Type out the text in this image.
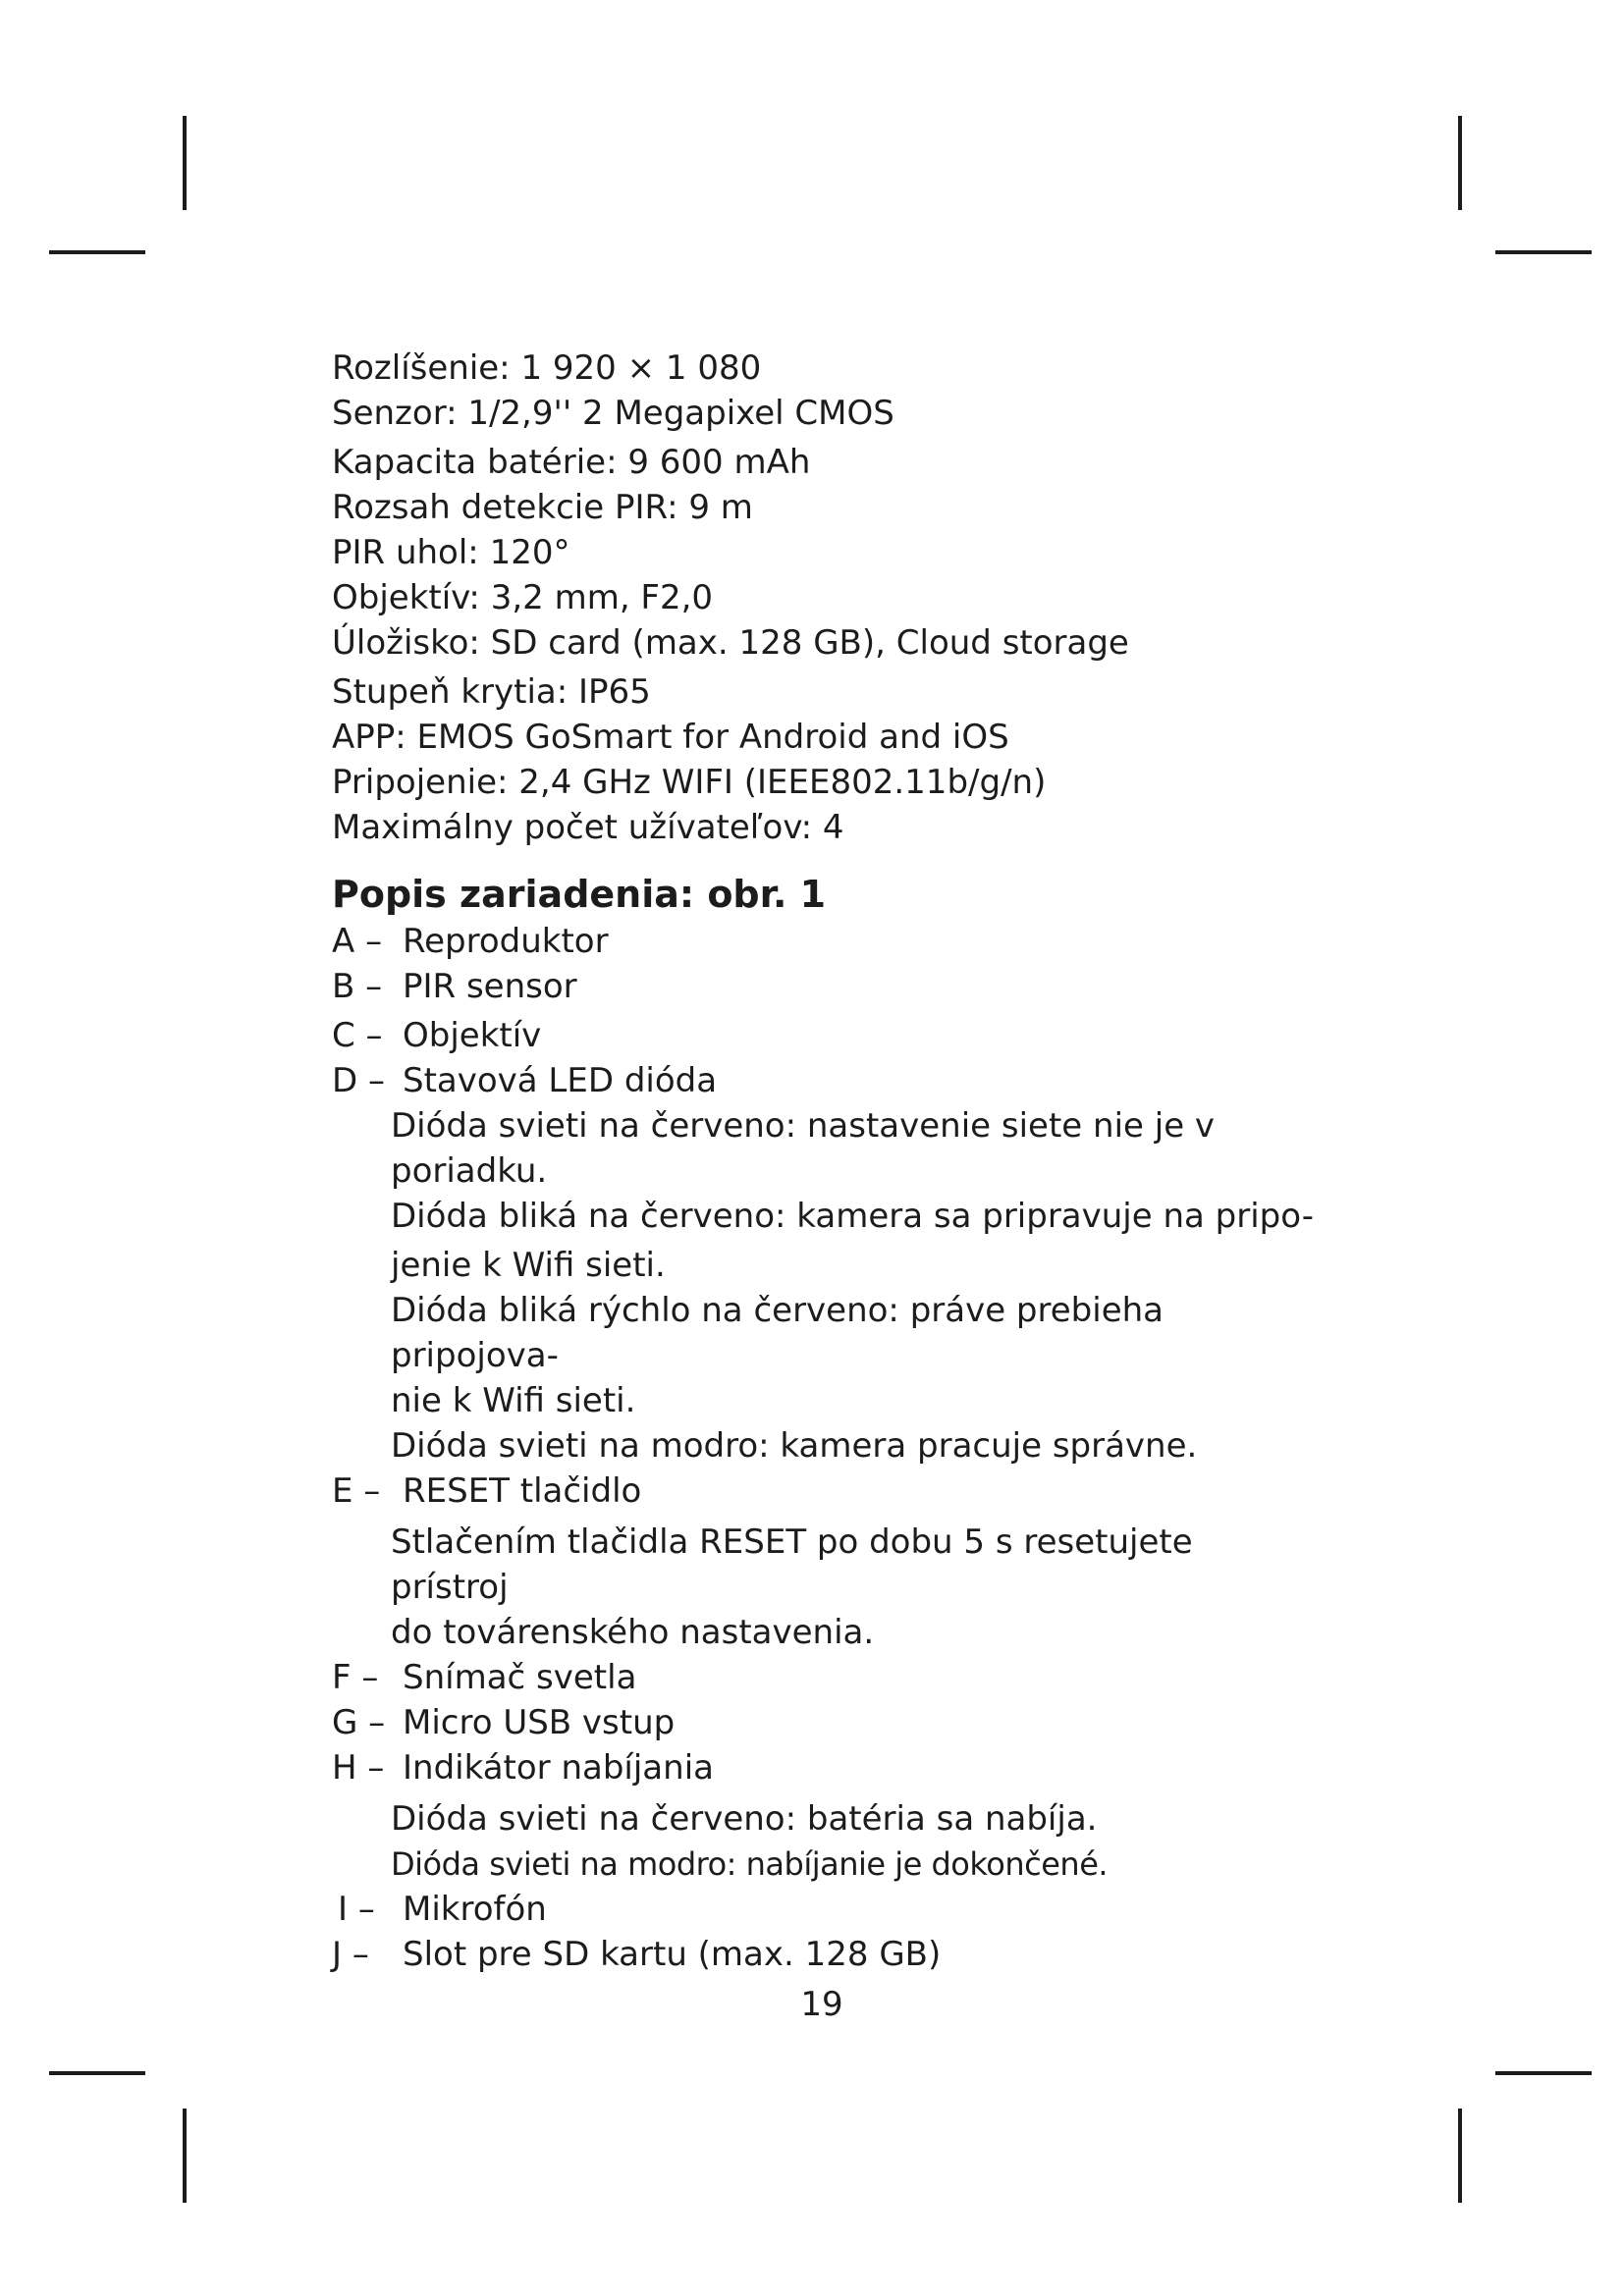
Rozlíšenie: 1 920 × 1 080

Senzor: 1/2,9'' 2 Megapixel CMOS

Kapacita batérie: 9 600 mAh

Rozsah detekcie PIR: 9 m

PIR uhol: 120°

Objektív: 3,2 mm, F2,0

Úložisko: SD card (max. 128 GB), Cloud storage

Stupeň krytia: IP65

APP: EMOS GoSmart for Android and iOS

Pripojenie: 2,4 GHz WIFI (IEEE802.11b/g/n)

Maximálny počet užívateľov: 4

Popis zariadenia: obr. 1

A – Reproduktor

B – PIR sensor

C – Objektív

D – Stavová LED dióda

Dióda svieti na červeno: nastavenie siete nie je v

poriadku.

Dióda bliká na červeno: kamera sa pripravuje na pripo-

jenie k Wifi sieti.

Dióda bliká rýchlo na červeno: práve prebieha pripojova-

nie k Wifi sieti.

Dióda svieti na modro: kamera pracuje správne.

E – RESET tlačidlo

Stlačením tlačidla RESET po dobu 5 s resetujete prístroj

do továrenského nastavenia.

F – Snímač svetla

G – Micro USB vstup

H – Indikátor nabíjania

Dióda svieti na červeno: batéria sa nabíja.

Dióda svieti na modro: nabíjanie je dokončené.

I – Mikrofón

J – Slot pre SD kartu (max. 128 GB)

19
